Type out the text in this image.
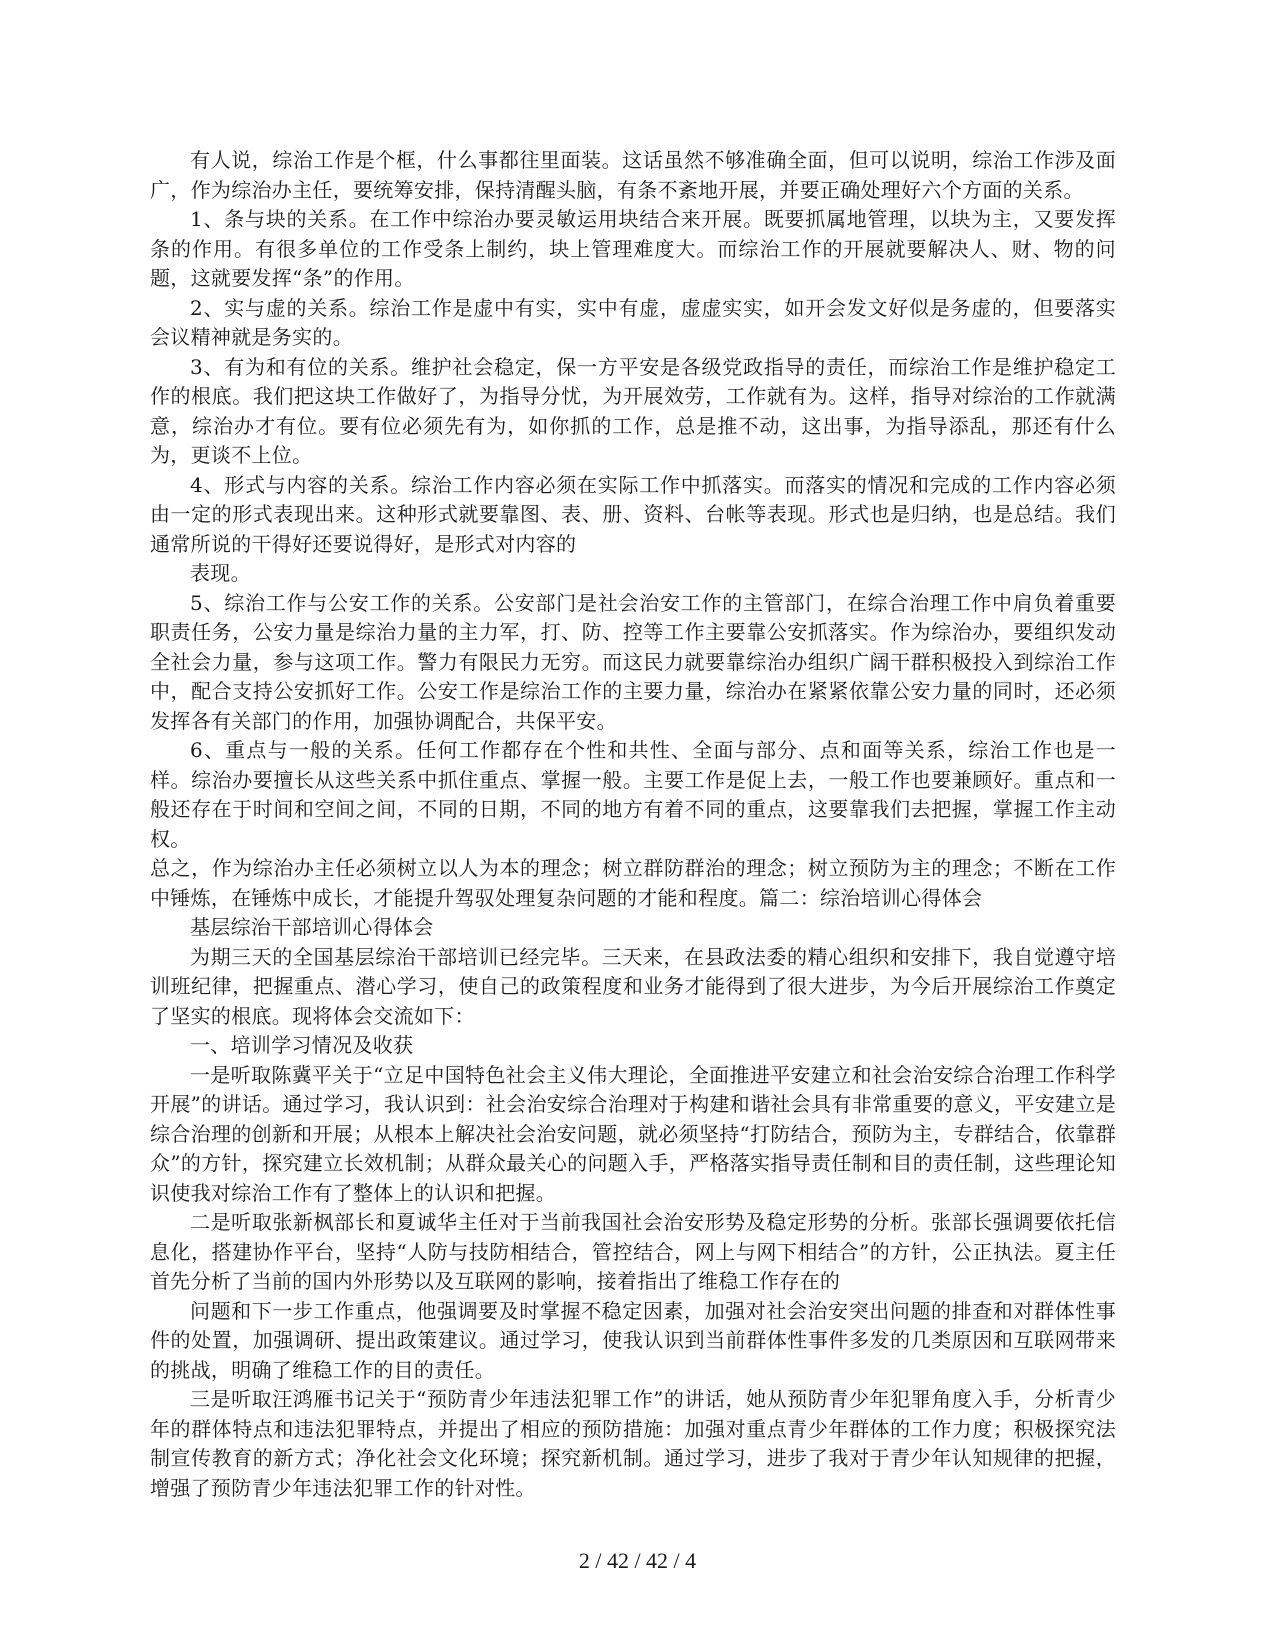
有人说，综治工作是个框，什么事都往里面装。这话虽然不够准确全面，但可以说明，综治工作涉及面广，作为综治办主任，要统筹安排，保持清醒头脑，有条不紊地开展，并要正确处理好六个方面的关系。

1、条与块的关系。在工作中综治办要灵敏运用块结合来开展。既要抓属地管理，以块为主，又要发挥条的作用。有很多单位的工作受条上制约，块上管理难度大。而综治工作的开展就要解决人、财、物的问题，这就要发挥“条”的作用。

2、实与虚的关系。综治工作是虚中有实，实中有虚，虚虚实实，如开会发文好似是务虚的，但要落实会议精神就是务实的。

3、有为和有位的关系。维护社会稳定，保一方平安是各级党政指导的责任，而综治工作是维护稳定工作的根底。我们把这块工作做好了，为指导分忧，为开展效劳，工作就有为。这样，指导对综治的工作就满意，综治办才有位。要有位必须先有为，如你抓的工作，总是推不动，这出事，为指导添乱，那还有什么为，更谈不上位。

4、形式与内容的关系。综治工作内容必须在实际工作中抓落实。而落实的情况和完成的工作内容必须由一定的形式表现出来。这种形式就要靠图、表、册、资料、台帐等表现。形式也是归纳，也是总结。我们通常所说的干得好还要说得好，是形式对内容的

表现。

5、综治工作与公安工作的关系。公安部门是社会治安工作的主管部门，在综合治理工作中肩负着重要职责任务，公安力量是综治力量的主力军，打、防、控等工作主要靠公安抓落实。作为综治办，要组织发动全社会力量，参与这项工作。警力有限民力无穷。而这民力就要靠综治办组织广阔干群积极投入到综治工作中，配合支持公安抓好工作。公安工作是综治工作的主要力量，综治办在紧紧依靠公安力量的同时，还必须发挥各有关部门的作用，加强协调配合，共保平安。

6、重点与一般的关系。任何工作都存在个性和共性、全面与部分、点和面等关系，综治工作也是一样。综治办要擅长从这些关系中抓住重点、掌握一般。主要工作是促上去，一般工作也要兼顾好。重点和一般还存在于时间和空间之间，不同的日期，不同的地方有着不同的重点，这要靠我们去把握，掌握工作主动权。

总之，作为综治办主任必须树立以人为本的理念；树立群防群治的理念；树立预防为主的理念；不断在工作中锤炼，在锤炼中成长，才能提升驾驭处理复杂问题的才能和程度。篇二：综治培训心得体会

基层综治干部培训心得体会

为期三天的全国基层综治干部培训已经完毕。三天来，在县政法委的精心组织和安排下，我自觉遵守培训班纪律，把握重点、潜心学习，使自己的政策程度和业务才能得到了很大进步，为今后开展综治工作奠定了坚实的根底。现将体会交流如下：

一、培训学习情况及收获

一是听取陈冀平关于“立足中国特色社会主义伟大理论，全面推进平安建立和社会治安综合治理工作科学开展”的讲话。通过学习，我认识到：社会治安综合治理对于构建和谐社会具有非常重要的意义，平安建立是综合治理的创新和开展；从根本上解决社会治安问题，就必须坚持“打防结合，预防为主，专群结合，依靠群众”的方针，探究建立长效机制；从群众最关心的问题入手，严格落实指导责任制和目的责任制，这些理论知识使我对综治工作有了整体上的认识和把握。

二是听取张新枫部长和夏诚华主任对于当前我国社会治安形势及稳定形势的分析。张部长强调要依托信息化，搭建协作平台，坚持“人防与技防相结合，管控结合，网上与网下相结合”的方针，公正执法。夏主任首先分析了当前的国内外形势以及互联网的影响，接着指出了维稳工作存在的

问题和下一步工作重点，他强调要及时掌握不稳定因素，加强对社会治安突出问题的排查和对群体性事件的处置，加强调研、提出政策建议。通过学习，使我认识到当前群体性事件多发的几类原因和互联网带来的挑战，明确了维稳工作的目的责任。

三是听取汪鸿雁书记关于“预防青少年违法犯罪工作”的讲话，她从预防青少年犯罪角度入手，分析青少年的群体特点和违法犯罪特点，并提出了相应的预防措施：加强对重点青少年群体的工作力度；积极探究法制宣传教育的新方式；净化社会文化环境；探究新机制。通过学习，进步了我对于青少年认知规律的把握，增强了预防青少年违法犯罪工作的针对性。

2 / 42 / 42 / 4
